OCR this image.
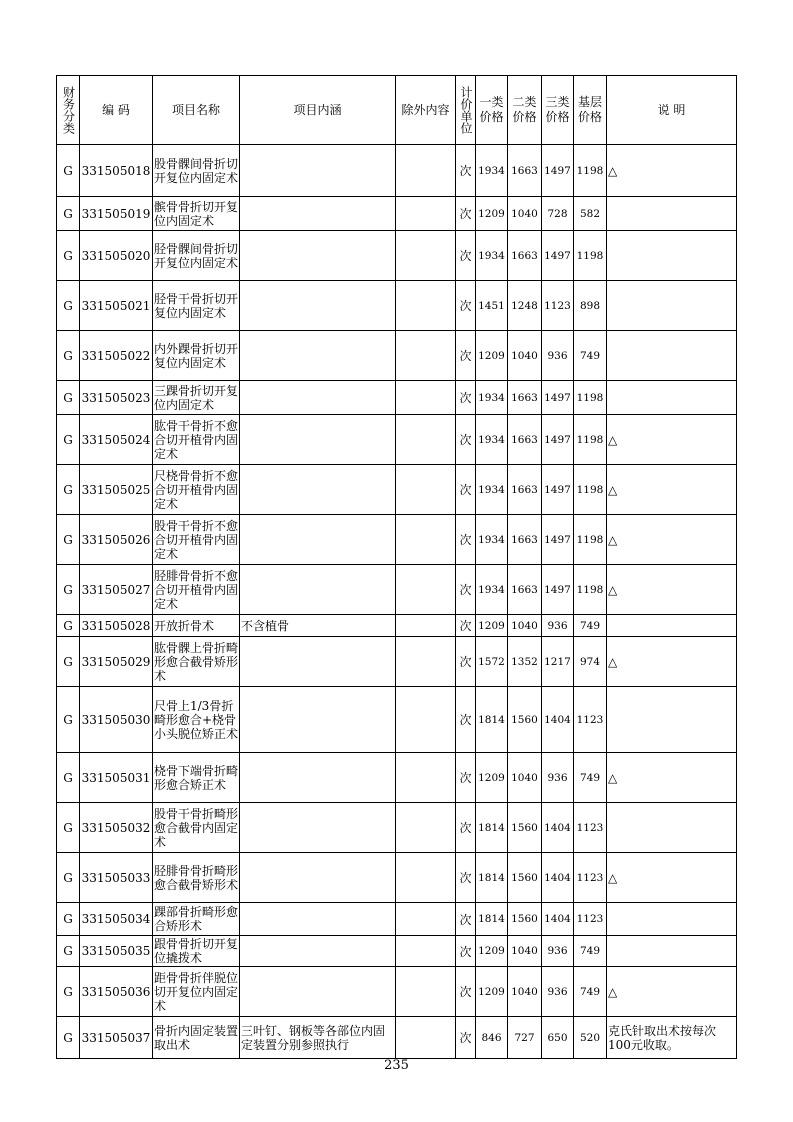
财务分类	编 码	项目名称	项目内涵	除外内容	计价单位	一类价格	二类价格	三类价格	基层价格	说 明
G	331505018	股骨髁间骨折切开复位内固定术			次	1934	1663	1497	1198	△
G	331505019	髌骨骨折切开复位内固定术			次	1209	1040	728	582	
G	331505020	胫骨髁间骨折切开复位内固定术			次	1934	1663	1497	1198	
G	331505021	胫骨干骨折切开复位内固定术			次	1451	1248	1123	898	
G	331505022	内外踝骨折切开复位内固定术			次	1209	1040	936	749	
G	331505023	三踝骨折切开复位内固定术			次	1934	1663	1497	1198	
G	331505024	肱骨干骨折不愈合切开植骨内固定术			次	1934	1663	1497	1198	△
G	331505025	尺桡骨骨折不愈合切开植骨内固定术			次	1934	1663	1497	1198	△
G	331505026	股骨干骨折不愈合切开植骨内固定术			次	1934	1663	1497	1198	△
G	331505027	胫腓骨骨折不愈合切开植骨内固定术			次	1934	1663	1497	1198	△
G	331505028	开放折骨术	不含植骨		次	1209	1040	936	749	
G	331505029	肱骨髁上骨折畸形愈合截骨矫形术			次	1572	1352	1217	974	△
G	331505030	尺骨上1/3骨折畸形愈合+桡骨小头脱位矫正术			次	1814	1560	1404	1123	
G	331505031	桡骨下端骨折畸形愈合矫正术			次	1209	1040	936	749	△
G	331505032	股骨干骨折畸形愈合截骨内固定术			次	1814	1560	1404	1123	
G	331505033	胫腓骨骨折畸形愈合截骨矫形术			次	1814	1560	1404	1123	△
G	331505034	踝部骨折畸形愈合矫形术			次	1814	1560	1404	1123	
G	331505035	跟骨骨折切开复位撬拨术			次	1209	1040	936	749	
G	331505036	距骨骨折伴脱位切开复位内固定术			次	1209	1040	936	749	△
G	331505037	骨折内固定装置取出术	三叶钉、钢板等各部位内固定装置分别参照执行		次	846	727	650	520	克氏针取出术按每次100元收取。
235
